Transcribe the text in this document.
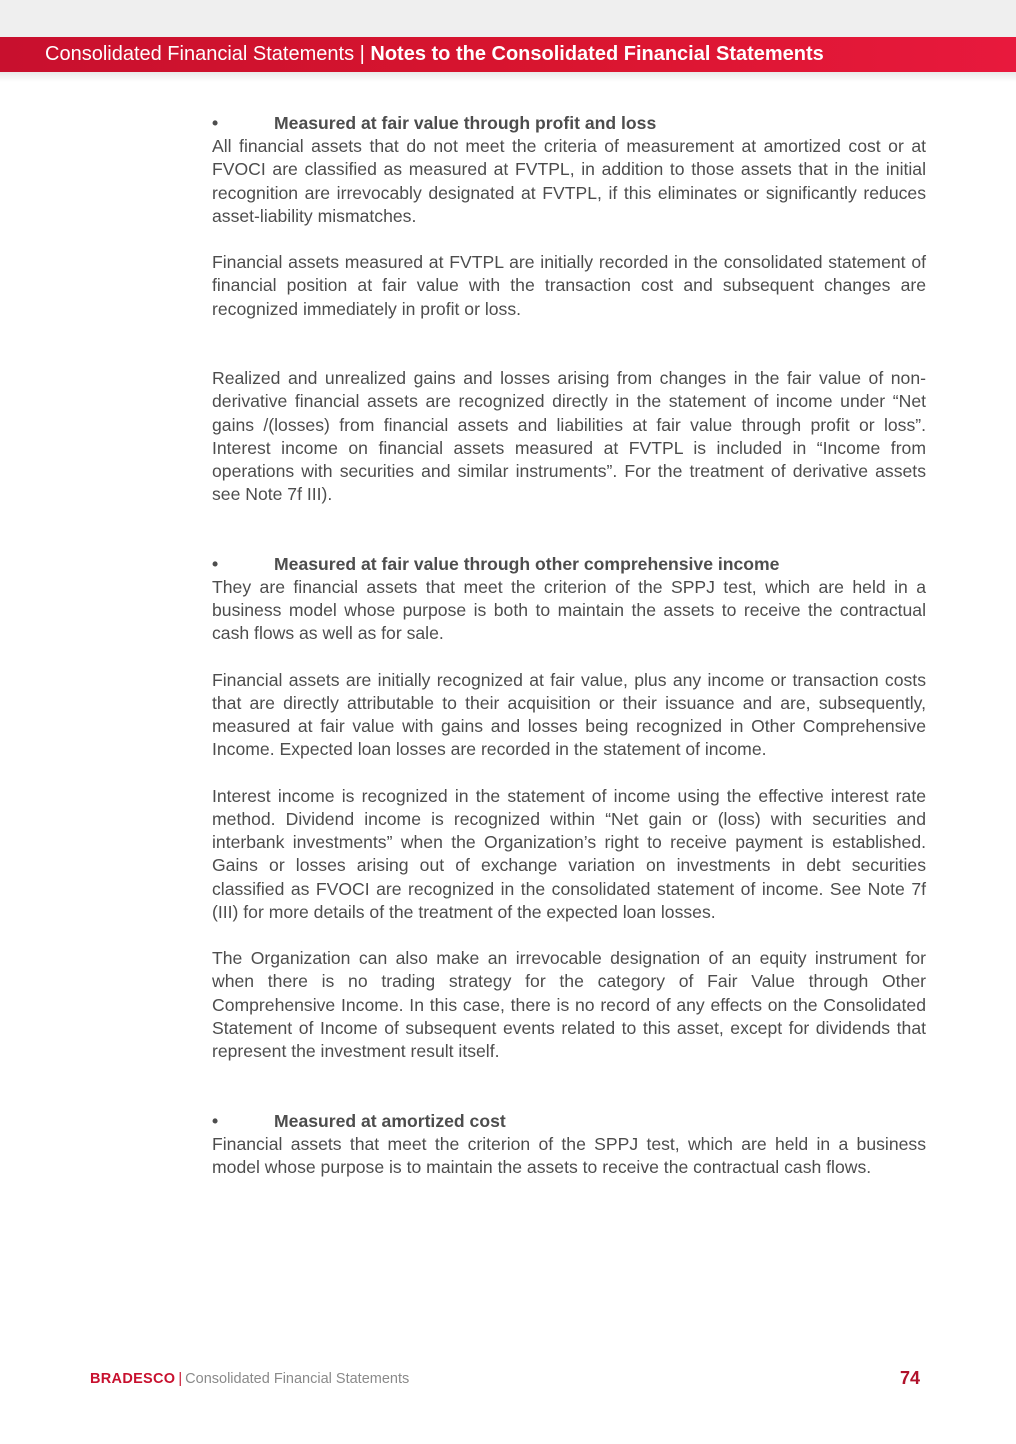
Consolidated Financial Statements | Notes to the Consolidated Financial Statements
•	Measured at fair value through profit and loss

All financial assets that do not meet the criteria of measurement at amortized cost or at FVOCI are classified as measured at FVTPL, in addition to those assets that in the initial recognition are irrevocably designated at FVTPL, if this eliminates or significantly reduces asset-liability mismatches.

Financial assets measured at FVTPL are initially recorded in the consolidated statement of financial position at fair value with the transaction cost and subsequent changes are recognized immediately in profit or loss.

Realized and unrealized gains and losses arising from changes in the fair value of non-derivative financial assets are recognized directly in the statement of income under “Net gains /(losses) from financial assets and liabilities at fair value through profit or loss”. Interest income on financial assets measured at FVTPL is included in “Income from operations with securities and similar instruments”. For the treatment of derivative assets see Note 7f III).

•	Measured at fair value through other comprehensive income

They are financial assets that meet the criterion of the SPPJ test, which are held in a business model whose purpose is both to maintain the assets to receive the contractual cash flows as well as for sale.

Financial assets are initially recognized at fair value, plus any income or transaction costs that are directly attributable to their acquisition or their issuance and are, subsequently, measured at fair value with gains and losses being recognized in Other Comprehensive Income. Expected loan losses are recorded in the statement of income.

Interest income is recognized in the statement of income using the effective interest rate method. Dividend income is recognized within “Net gain or (loss) with securities and interbank investments” when the Organization’s right to receive payment is established. Gains or losses arising out of exchange variation on investments in debt securities classified as FVOCI are recognized in the consolidated statement of income. See Note 7f (III) for more details of the treatment of the expected loan losses.

The Organization can also make an irrevocable designation of an equity instrument for when there is no trading strategy for the category of Fair Value through Other Comprehensive Income. In this case, there is no record of any effects on the Consolidated Statement of Income of subsequent events related to this asset, except for dividends that represent the investment result itself.

•	Measured at amortized cost

Financial assets that meet the criterion of the SPPJ test, which are held in a business model whose purpose is to maintain the assets to receive the contractual cash flows.

BRADESCO | Consolidated Financial Statements	74
